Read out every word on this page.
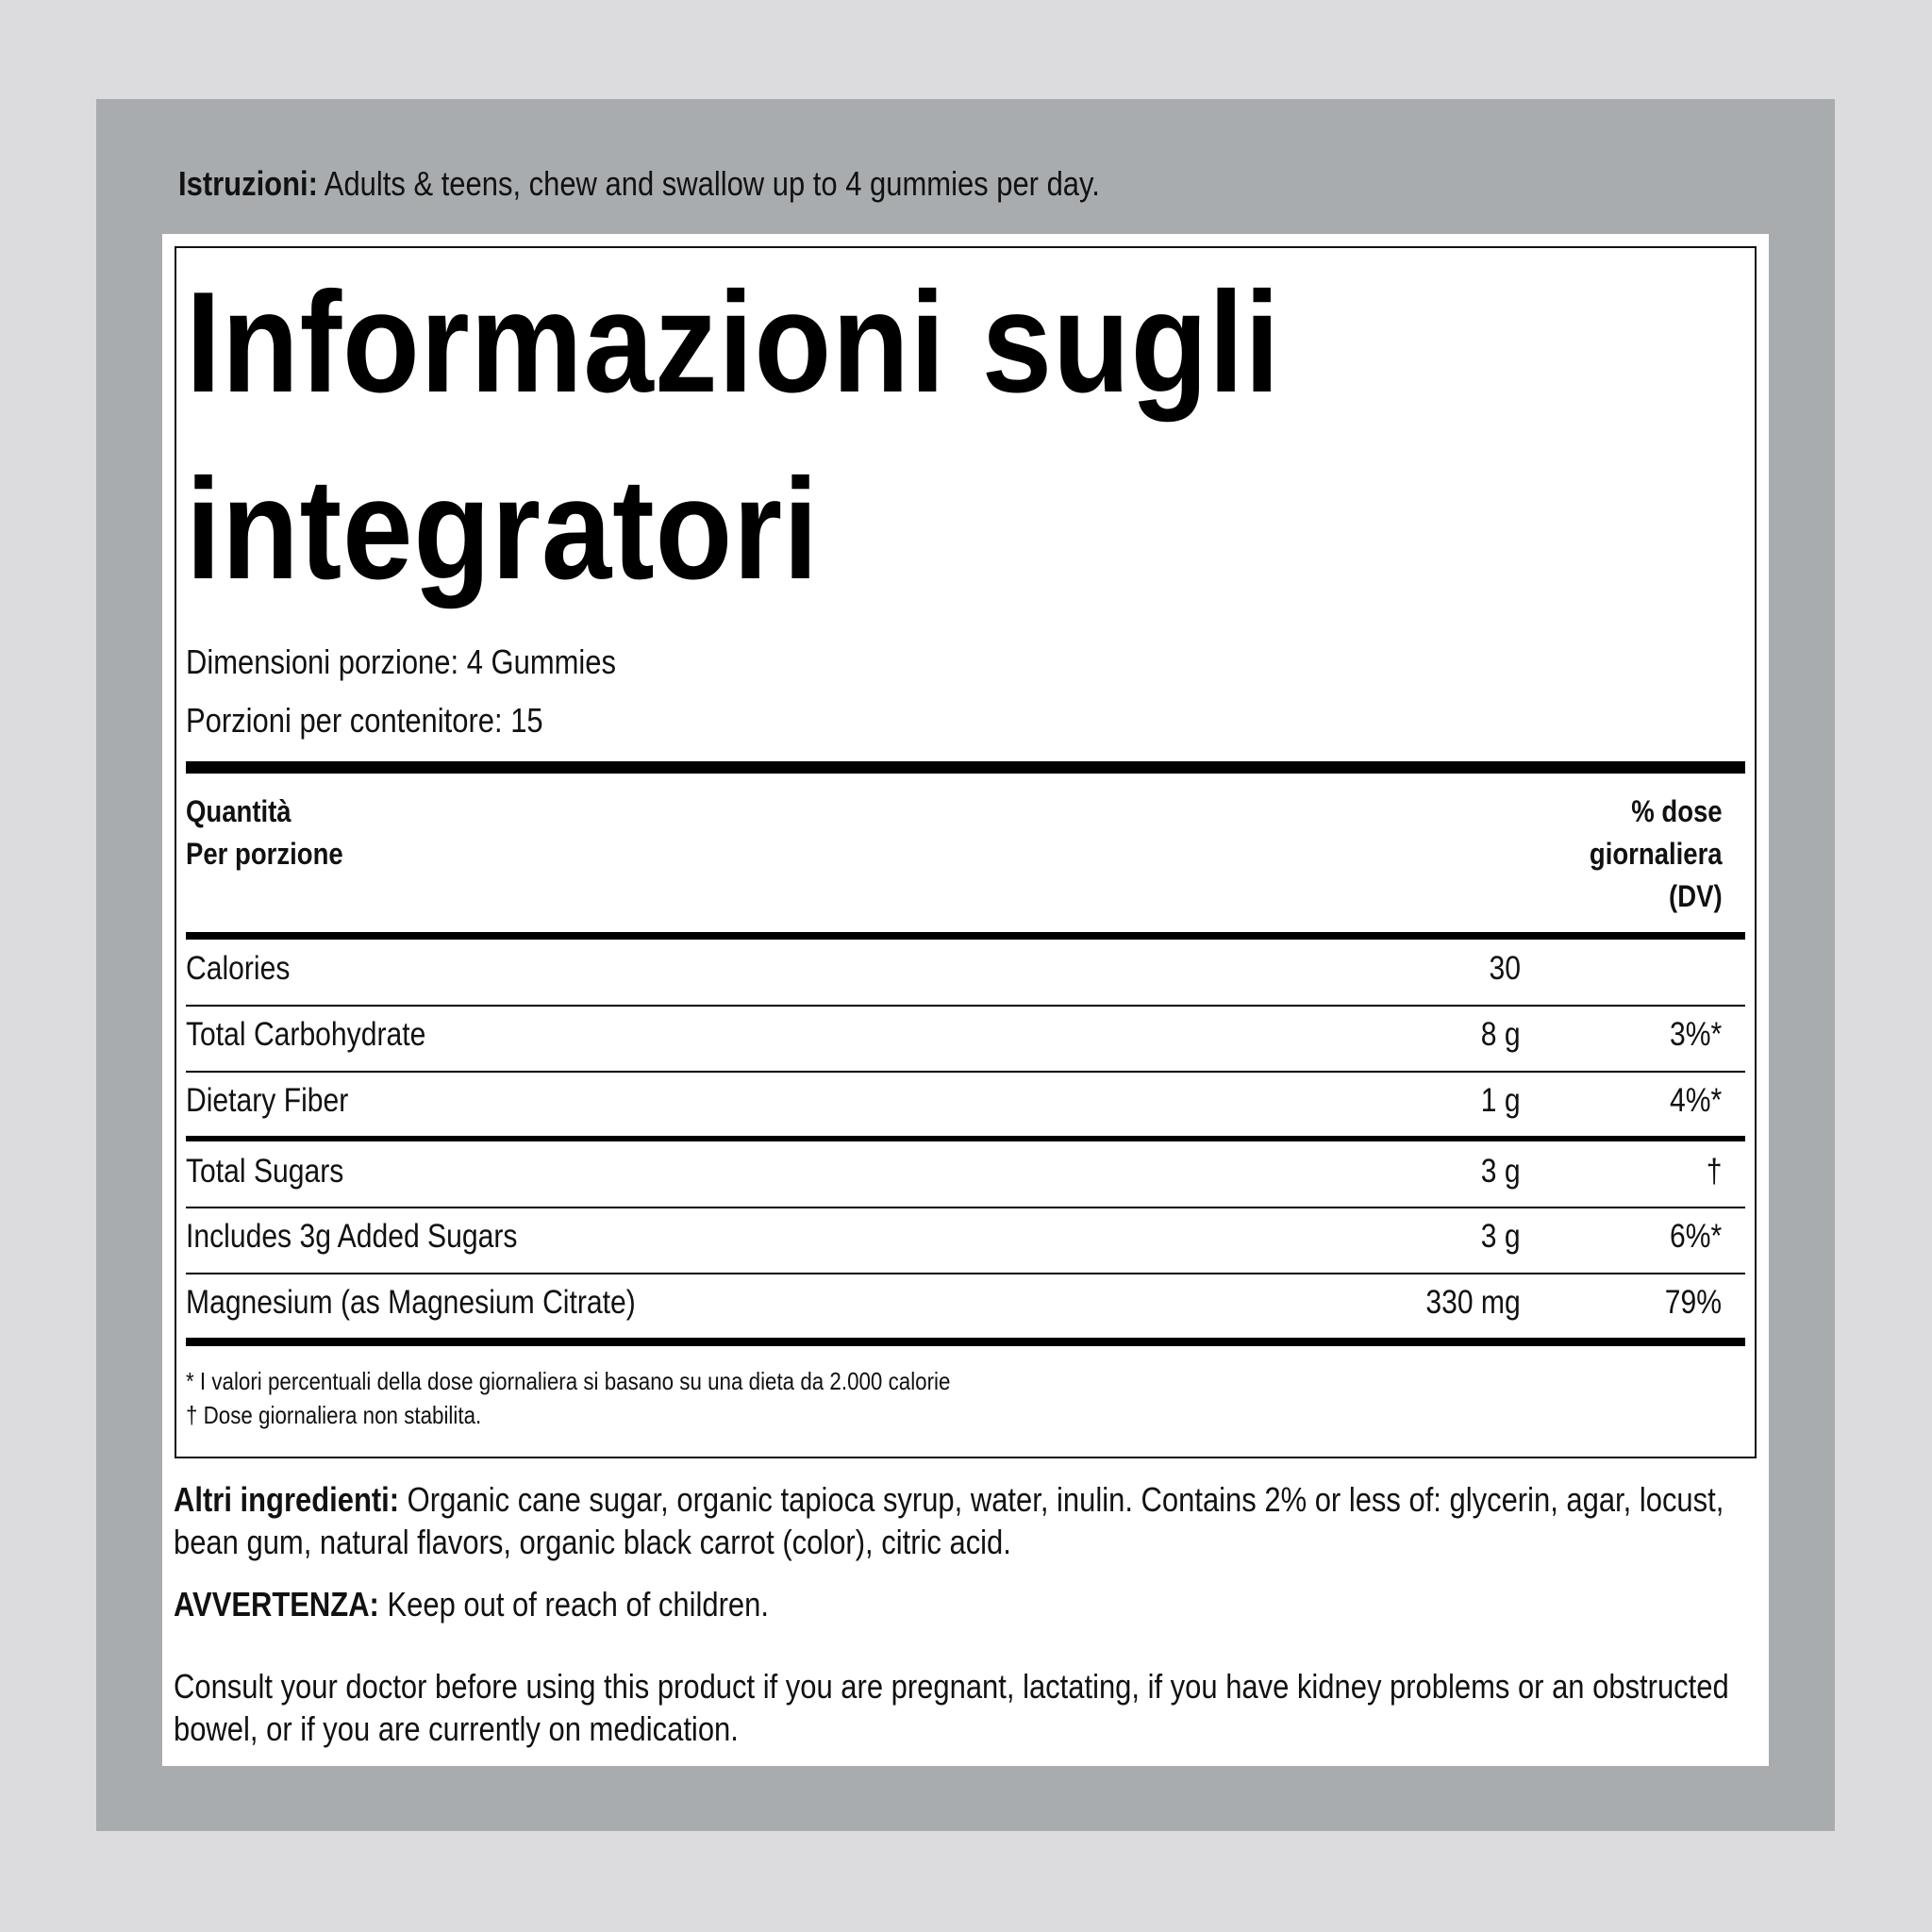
Istruzioni: Adults & teens, chew and swallow up to 4 gummies per day.
Informazioni sugli
integratori
Dimensioni porzione: 4 Gummies
Porzioni per contenitore: 15
Quantità
Per porzione
% dose
giornaliera
(DV)
Calories	30
Total Carbohydrate	8 g	3%*
Dietary Fiber	1 g	4%*
Total Sugars	3 g	†
Includes 3g Added Sugars	3 g	6%*
Magnesium (as Magnesium Citrate)	330 mg	79%
* I valori percentuali della dose giornaliera si basano su una dieta da 2.000 calorie
† Dose giornaliera non stabilita.
Altri ingredienti: Organic cane sugar, organic tapioca syrup, water, inulin. Contains 2% or less of: glycerin, agar, locust, bean gum, natural flavors, organic black carrot (color), citric acid.
AVVERTENZA: Keep out of reach of children.
Consult your doctor before using this product if you are pregnant, lactating, if you have kidney problems or an obstructed bowel, or if you are currently on medication.
